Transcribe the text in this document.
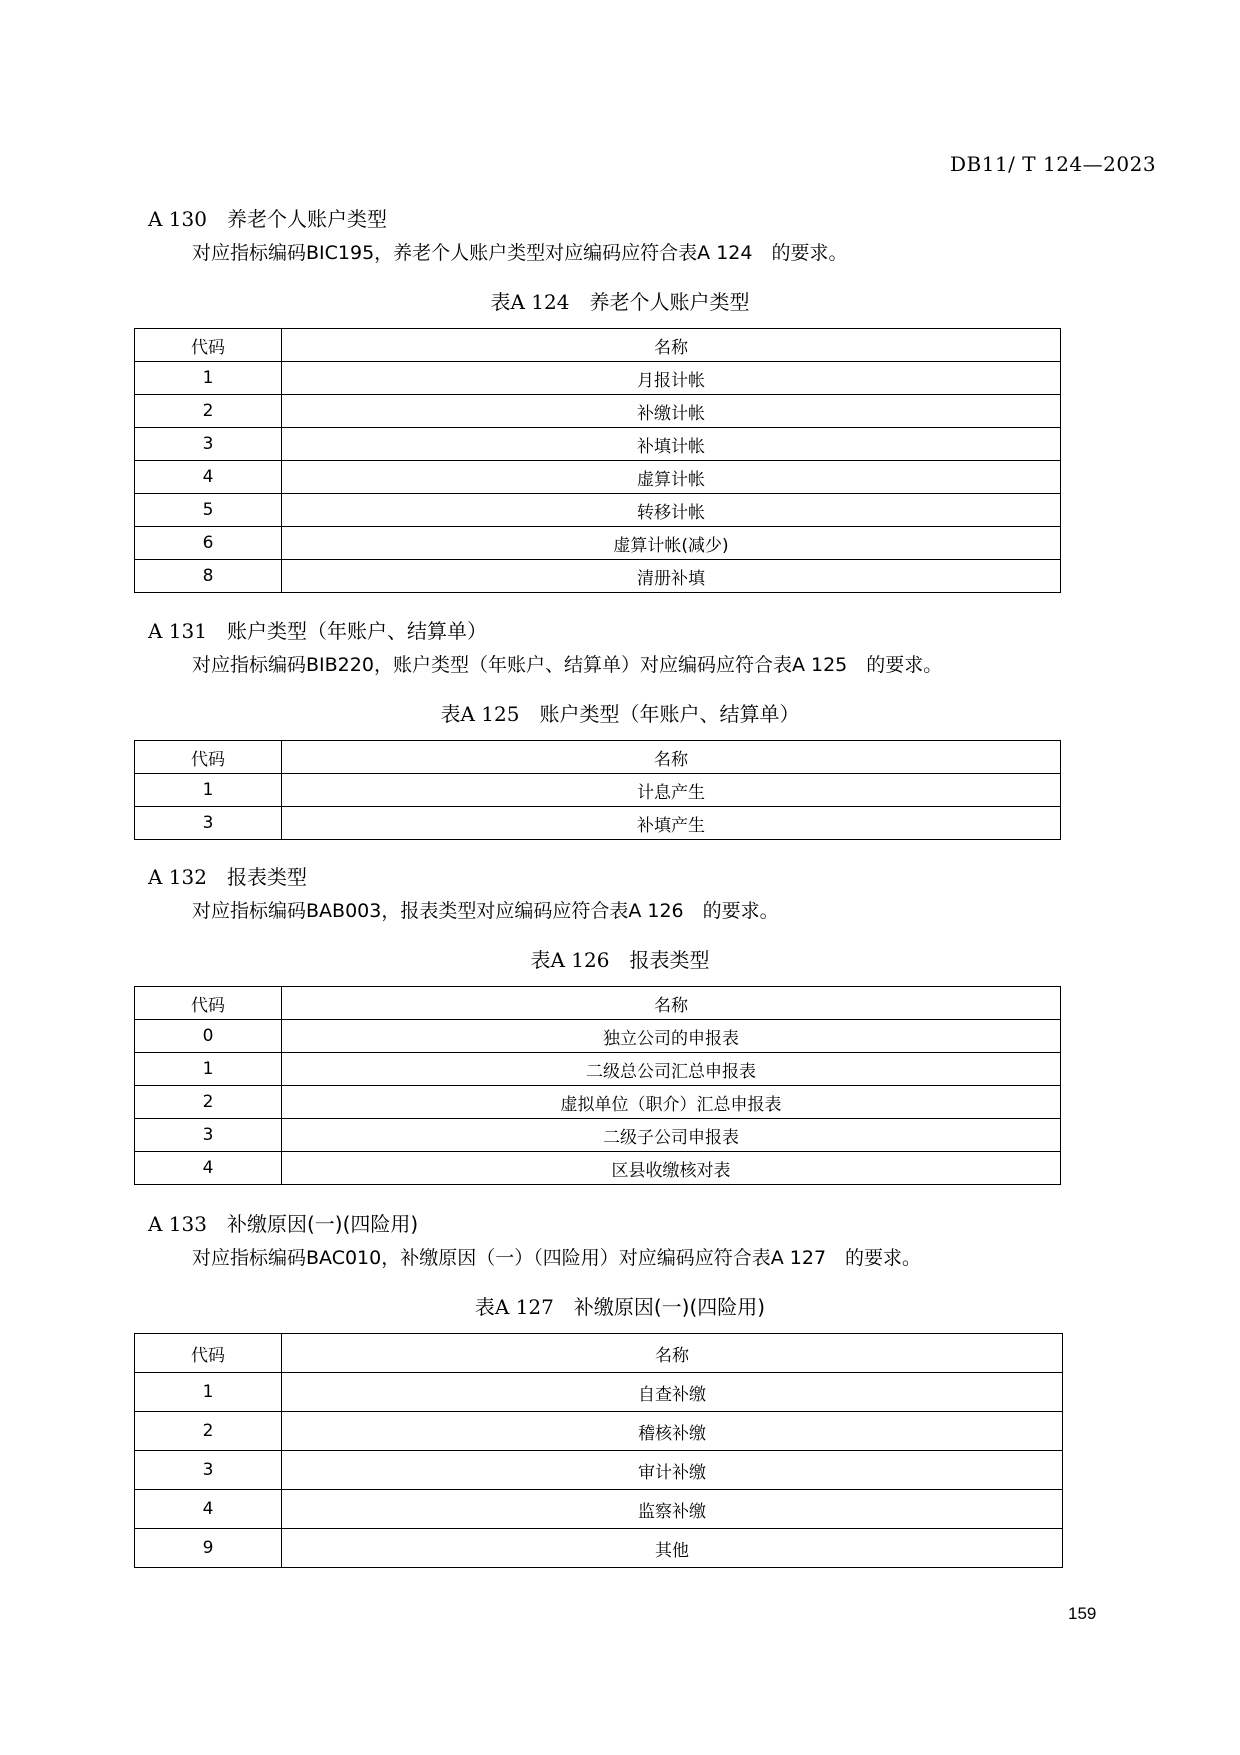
DB11/ T 124—2023
A 130 养老个人账户类型
对应指标编码BIC195，养老个人账户类型对应编码应符合表A 124　的要求。
表A 124　 养老个人账户类型
代码	名称
1	月报计帐
2	补缴计帐
3	补填计帐
4	虚算计帐
5	转移计帐
6	虚算计帐(减少)
8	清册补填
A 131 账户类型（年账户、结算单）
对应指标编码BIB220，账户类型（年账户、结算单）对应编码应符合表A 125　的要求。
表A 125　 账户类型（年账户、结算单）
代码	名称
1	计息产生
3	补填产生
A 132 报表类型
对应指标编码BAB003，报表类型对应编码应符合表A 126　的要求。
表A 126　 报表类型
代码	名称
0	独立公司的申报表
1	二级总公司汇总申报表
2	虚拟单位（职介）汇总申报表
3	二级子公司申报表
4	区县收缴核对表
A 133 补缴原因(一)(四险用)
对应指标编码BAC010，补缴原因（一）（四险用）对应编码应符合表A 127　的要求。
表A 127　 补缴原因(一)(四险用)
代码	名称
1	自查补缴
2	稽核补缴
3	审计补缴
4	监察补缴
9	其他
159
